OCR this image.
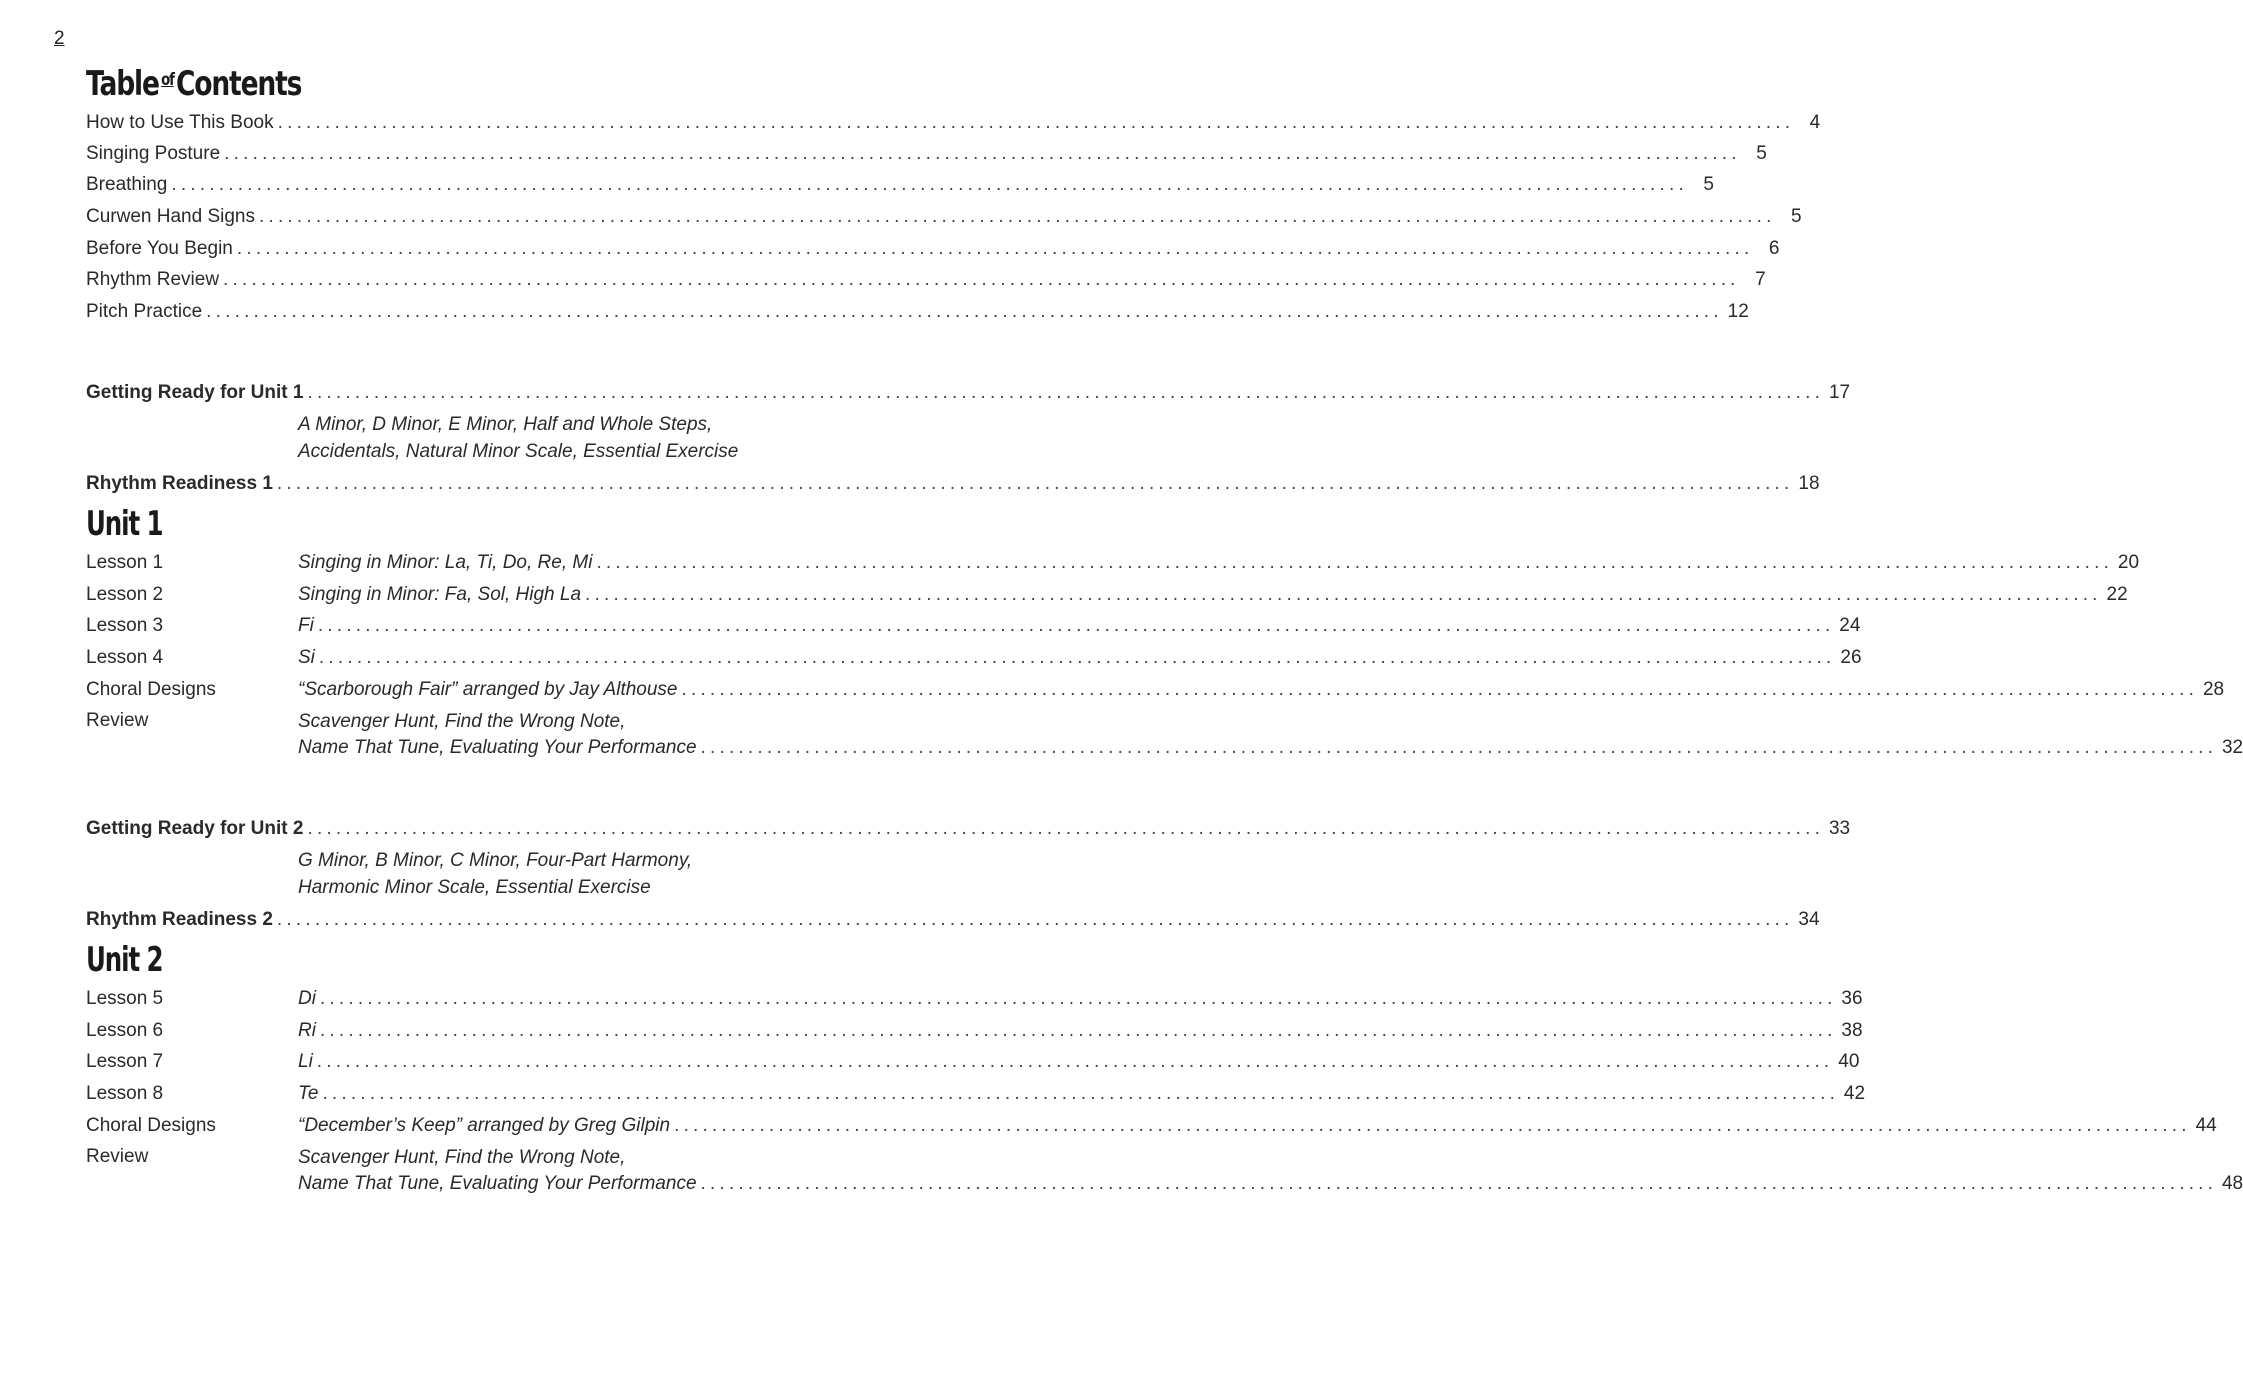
2
Table $^{of}$Contents
How to Use This Book ................................................................................................................................................................ 4
Singing Posture ................................................................................................................................................................ 5
Breathing ................................................................................................................................................................ 5
Curwen Hand Signs ................................................................................................................................................................ 5
Before You Begin ................................................................................................................................................................ 6
Rhythm Review ................................................................................................................................................................ 7
Pitch Practice ................................................................................................................................................................ 12
Getting Ready for Unit 1 ................................................................................................................................................................ 17
A Minor, D Minor, E Minor, Half and Whole Steps,
Accidentals, Natural Minor Scale, Essential Exercise
Rhythm Readiness 1 ................................................................................................................................................................ 18
Unit 1
Lesson 1	Singing in Minor: La, Ti, Do, Re, Mi ................................................................................................................................................................ 20
Lesson 2	Singing in Minor: Fa, Sol, High La ................................................................................................................................................................ 22
Lesson 3	Fi ................................................................................................................................................................ 24
Lesson 4	Si ................................................................................................................................................................ 26
Choral Designs	“Scarborough Fair” arranged by Jay Althouse ................................................................................................................................................................ 28
Review	Scavenger Hunt, Find the Wrong Note,
Name That Tune, Evaluating Your Performance ................................................................................................................................................................ 32
Getting Ready for Unit 2 ................................................................................................................................................................ 33
G Minor, B Minor, C Minor, Four-Part Harmony,
Harmonic Minor Scale, Essential Exercise
Rhythm Readiness 2 ................................................................................................................................................................ 34
Unit 2
Lesson 5	Di ................................................................................................................................................................ 36
Lesson 6	Ri ................................................................................................................................................................ 38
Lesson 7	Li ................................................................................................................................................................ 40
Lesson 8	Te ................................................................................................................................................................ 42
Choral Designs	“December’s Keep” arranged by Greg Gilpin ................................................................................................................................................................ 44
Review	Scavenger Hunt, Find the Wrong Note,
Name That Tune, Evaluating Your Performance ................................................................................................................................................................ 48
